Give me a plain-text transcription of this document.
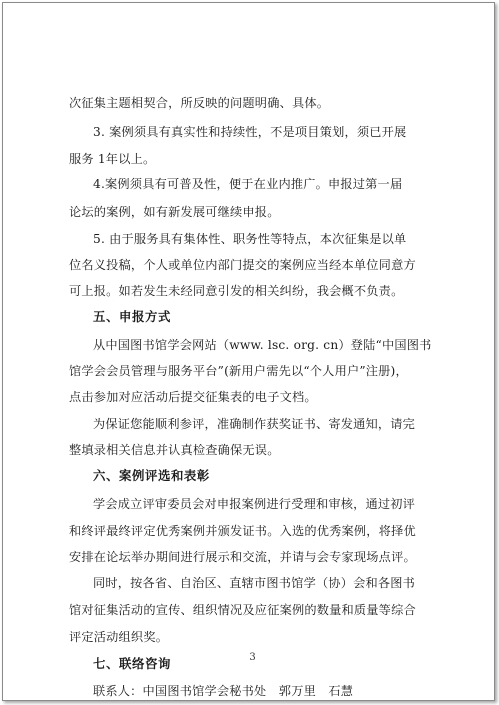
次征集主题相契合，所反映的问题明确、具体。
3. 案例须具有真实性和持续性，不是项目策划，须已开展
服务 1年以上。
4.案例须具有可普及性，便于在业内推广。申报过第一届
论坛的案例，如有新发展可继续申报。
5. 由于服务具有集体性、职务性等特点，本次征集是以单
位名义投稿，个人或单位内部门提交的案例应当经本单位同意方
可上报。如若发生未经同意引发的相关纠纷，我会概不负责。
五、申报方式
从中国图书馆学会网站（www. lsc. org. cn）登陆“中国图书
馆学会会员管理与服务平台”(新用户需先以“个人用户”注册)，
点击参加对应活动后提交征集表的电子文档。
为保证您能顺利参评，准确制作获奖证书、寄发通知，请完
整填录相关信息并认真检查确保无误。
六、案例评选和表彰
学会成立评审委员会对申报案例进行受理和审核，通过初评
和终评最终评定优秀案例并颁发证书。入选的优秀案例，将择优
安排在论坛举办期间进行展示和交流，并请与会专家现场点评。
同时，按各省、自治区、直辖市图书馆学（协）会和各图书
馆对征集活动的宣传、组织情况及应征案例的数量和质量等综合
评定活动组织奖。
七、联络咨询
联系人：中国图书馆学会秘书处　郭万里　石慧
3
